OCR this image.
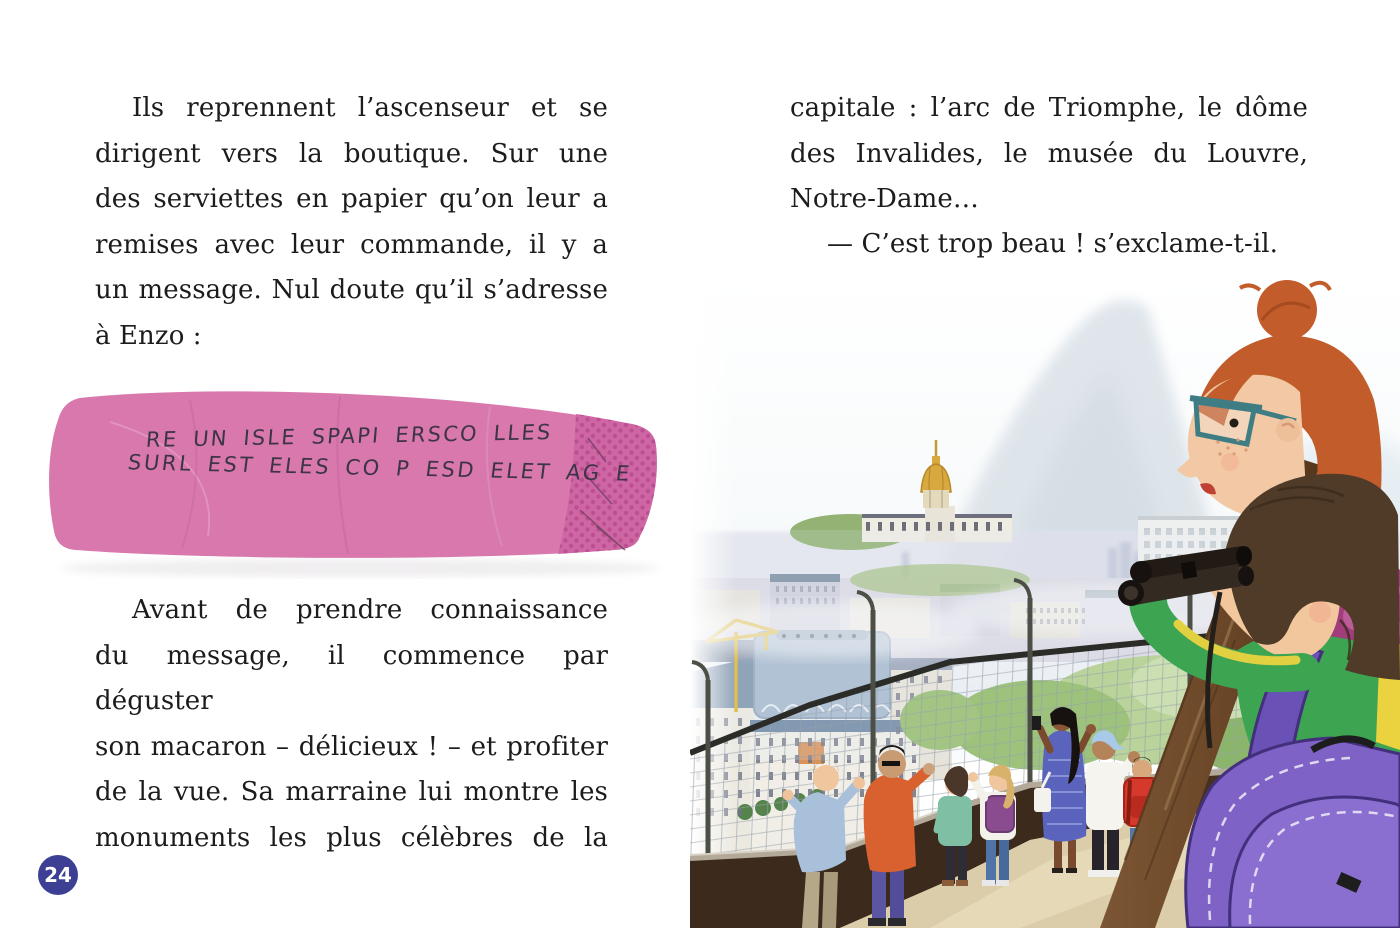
Ils reprennent l’ascenseur et se
dirigent vers la boutique. Sur une
des serviettes en papier qu’on leur a
remises avec leur commande, il y a
un message. Nul doute qu’il s’adresse
à Enzo :
RE UN ISLE SPAPI ERSCO LLES
SURL EST ELES CO P ESD ELET AG E
Avant de prendre connaissance
du message, il commence par déguster
son macaron – délicieux ! – et profiter
de la vue. Sa marraine lui montre les
monuments les plus célèbres de la
24
capitale : l’arc de Triomphe, le dôme
des Invalides, le musée du Louvre,
Notre-Dame…
— C’est trop beau ! s’exclame-t-il.
